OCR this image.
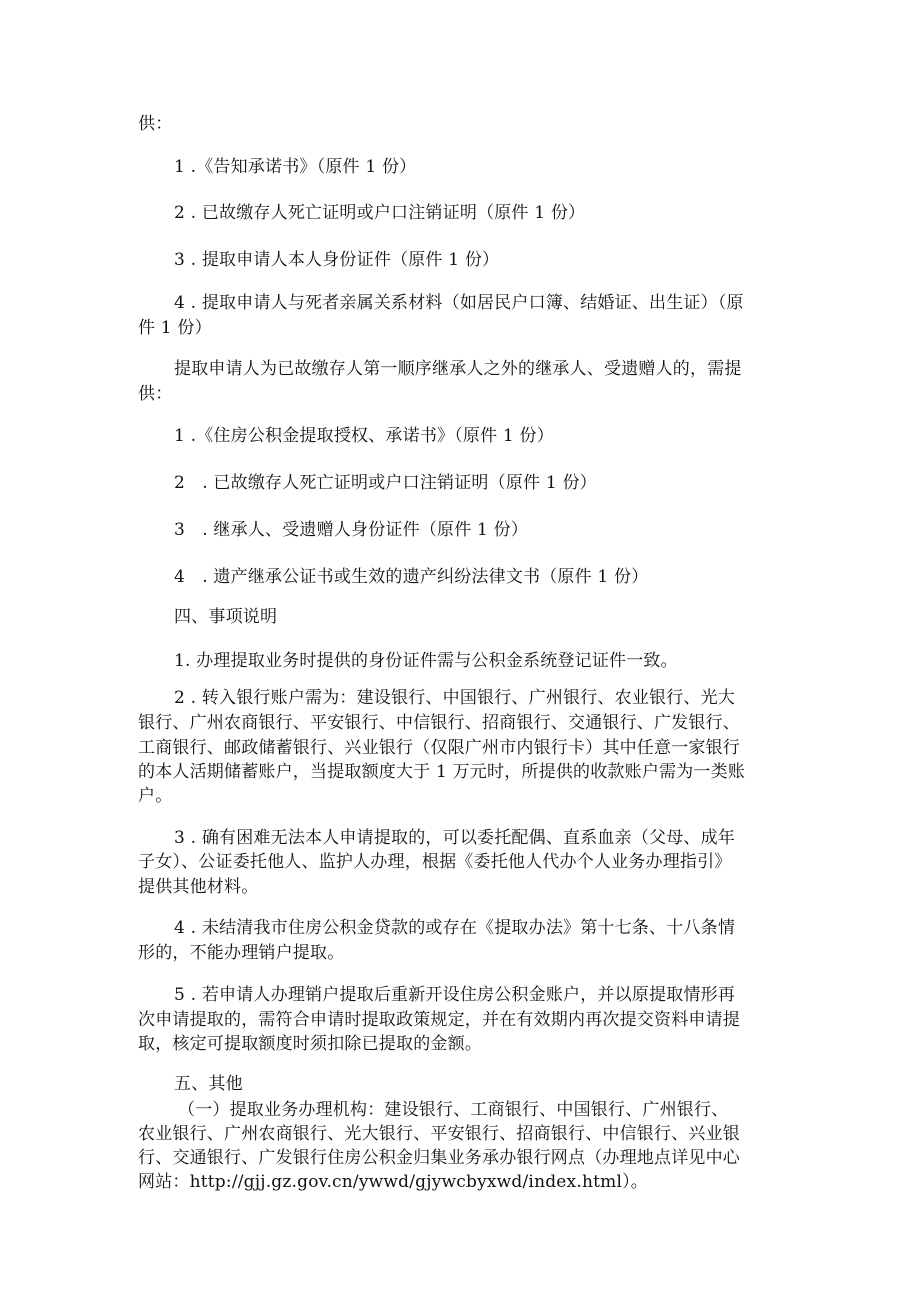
供：
1 .《告知承诺书》（原件 1 份）
2 . 已故缴存人死亡证明或户口注销证明（原件 1 份）
3 . 提取申请人本人身份证件（原件 1 份）
4 . 提取申请人与死者亲属关系材料（如居民户口簿、结婚证、出生证）（原
件 1 份）
提取申请人为已故缴存人第一顺序继承人之外的继承人、受遗赠人的，需提
供：
1 .《住房公积金提取授权、承诺书》（原件 1 份）
2　. 已故缴存人死亡证明或户口注销证明（原件 1 份）
3　. 继承人、受遗赠人身份证件（原件 1 份）
4　. 遗产继承公证书或生效的遗产纠纷法律文书（原件 1 份）
四、事项说明
1. 办理提取业务时提供的身份证件需与公积金系统登记证件一致。
2 . 转入银行账户需为：建设银行、中国银行、广州银行、农业银行、光大
银行、广州农商银行、平安银行、中信银行、招商银行、交通银行、广发银行、
工商银行、邮政储蓄银行、兴业银行（仅限广州市内银行卡）其中任意一家银行
的本人活期储蓄账户，当提取额度大于 1 万元时，所提供的收款账户需为一类账
户。
3 . 确有困难无法本人申请提取的，可以委托配偶、直系血亲（父母、成年
子女）、公证委托他人、监护人办理，根据《委托他人代办个人业务办理指引》
提供其他材料。
4 . 未结清我市住房公积金贷款的或存在《提取办法》第十七条、十八条情
形的，不能办理销户提取。
5 . 若申请人办理销户提取后重新开设住房公积金账户，并以原提取情形再
次申请提取的，需符合申请时提取政策规定，并在有效期内再次提交资料申请提
取，核定可提取额度时须扣除已提取的金额。
五、其他
（一）提取业务办理机构：建设银行、工商银行、中国银行、广州银行、
农业银行、广州农商银行、光大银行、平安银行、招商银行、中信银行、兴业银
行、交通银行、广发银行住房公积金归集业务承办银行网点（办理地点详见中心
网站：http://gjj.gz.gov.cn/ywwd/gjywcbyxwd/index.html）。
